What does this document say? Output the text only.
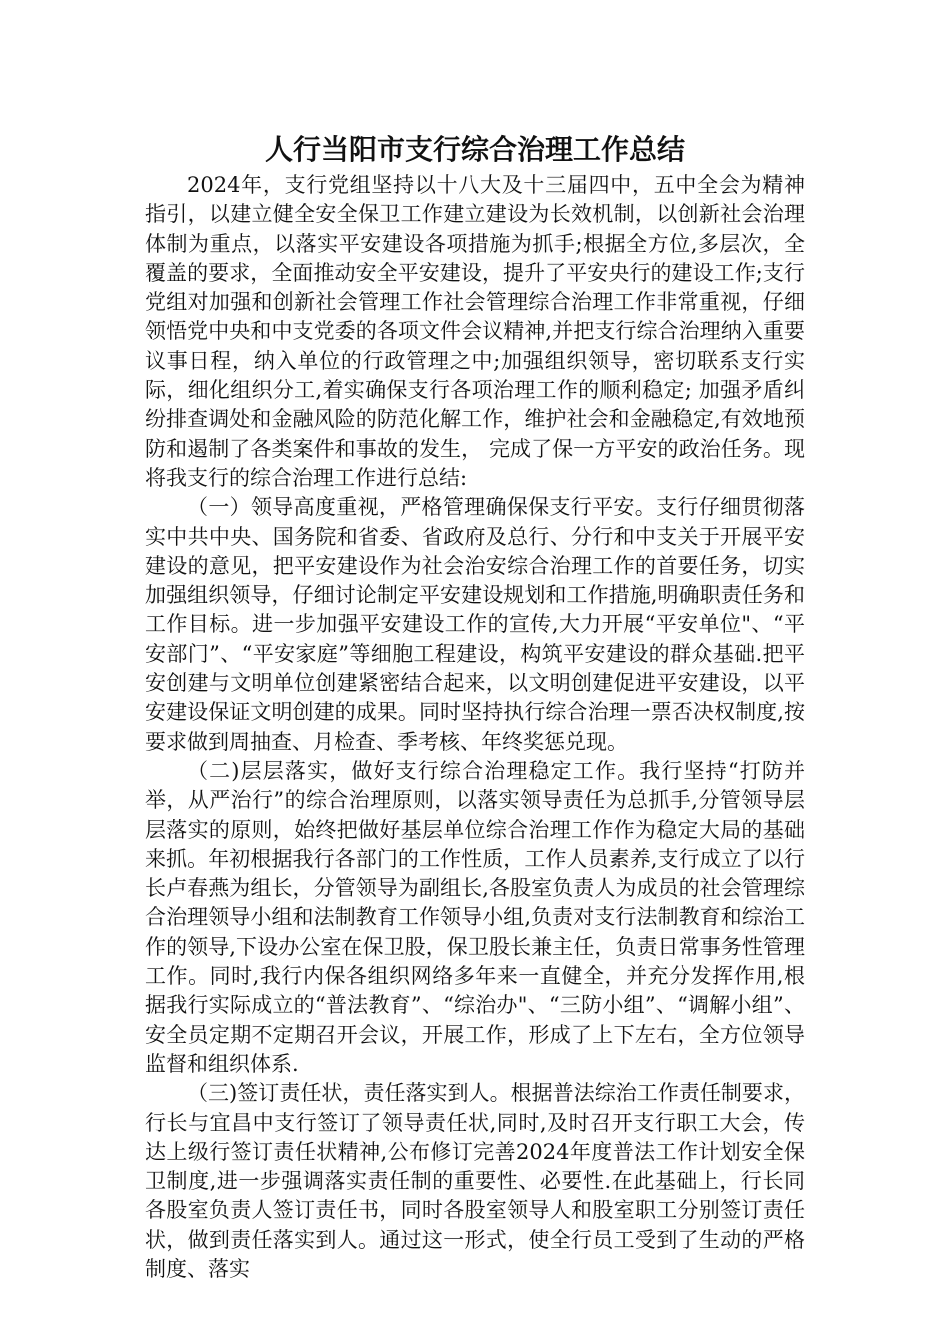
人行当阳市支行综合治理工作总结

2024年，支行党组坚持以十八大及十三届四中，五中全会为精神指引，以建立健全安全保卫工作建立建设为长效机制，以创新社会治理体制为重点，以落实平安建设各项措施为抓手;根据全方位,多层次，全覆盖的要求，全面推动安全平安建设，提升了平安央行的建设工作;支行党组对加强和创新社会管理工作社会管理综合治理工作非常重视，仔细领悟党中央和中支党委的各项文件会议精神,并把支行综合治理纳入重要议事日程，纳入单位的行政管理之中;加强组织领导，密切联系支行实际，细化组织分工,着实确保支行各项治理工作的顺利稳定; 加强矛盾纠纷排查调处和金融风险的防范化解工作，维护社会和金融稳定,有效地预防和遏制了各类案件和事故的发生， 完成了保一方平安的政治任务。现将我支行的综合治理工作进行总结:

（一）领导高度重视，严格管理确保保支行平安。支行仔细贯彻落实中共中央、国务院和省委、省政府及总行、分行和中支关于开展平安建设的意见，把平安建设作为社会治安综合治理工作的首要任务，切实加强组织领导，仔细讨论制定平安建设规划和工作措施,明确职责任务和工作目标。进一步加强平安建设工作的宣传,大力开展“平安单位"、“平安部门”、“平安家庭”等细胞工程建设，构筑平安建设的群众基础.把平安创建与文明单位创建紧密结合起来，以文明创建促进平安建设，以平安建设保证文明创建的成果。同时坚持执行综合治理一票否决权制度,按要求做到周抽查、月检查、季考核、年终奖惩兑现。

（二)层层落实，做好支行综合治理稳定工作。我行坚持“打防并举，从严治行”的综合治理原则，以落实领导责任为总抓手,分管领导层层落实的原则，始终把做好基层单位综合治理工作作为稳定大局的基础来抓。年初根据我行各部门的工作性质，工作人员素养,支行成立了以行长卢春燕为组长，分管领导为副组长,各股室负责人为成员的社会管理综合治理领导小组和法制教育工作领导小组,负责对支行法制教育和综治工作的领导,下设办公室在保卫股，保卫股长兼主任，负责日常事务性管理工作。同时,我行内保各组织网络多年来一直健全，并充分发挥作用,根据我行实际成立的“普法教育”、“综治办"、“三防小组”、“调解小组”、安全员定期不定期召开会议，开展工作，形成了上下左右，全方位领导监督和组织体系.

（三)签订责任状，责任落实到人。根据普法综治工作责任制要求，行长与宜昌中支行签订了领导责任状,同时,及时召开支行职工大会，传达上级行签订责任状精神,公布修订完善2024年度普法工作计划安全保卫制度,进一步强调落实责任制的重要性、必要性.在此基础上，行长同各股室负责人签订责任书，同时各股室领导人和股室职工分别签订责任状，做到责任落实到人。通过这一形式，使全行员工受到了生动的严格制度、落实
